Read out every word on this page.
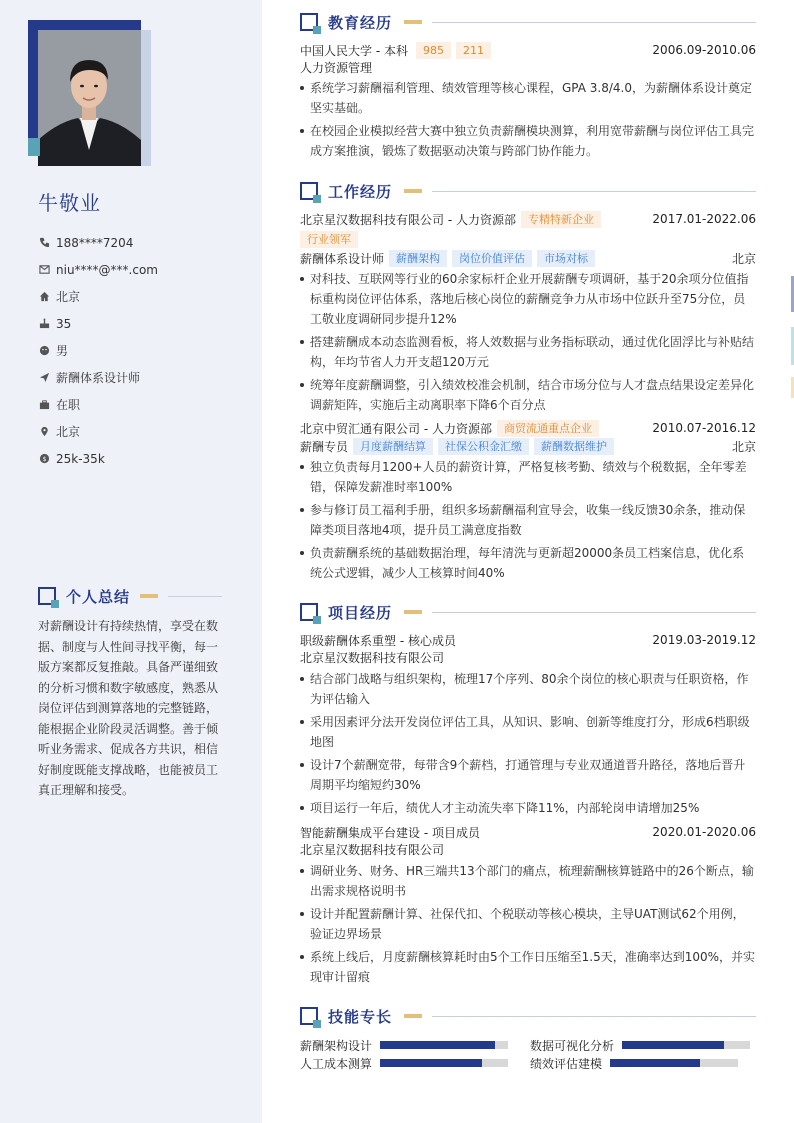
牛敬业
188****7204
niu****@***.com
北京
35
男
薪酬体系设计师
在职
北京
$ 25k-35k
个人总结
对薪酬设计有持续热情，享受在数据、制度与人性间寻找平衡，每一版方案都反复推敲。具备严谨细致的分析习惯和数字敏感度，熟悉从岗位评估到测算落地的完整链路，能根据企业阶段灵活调整。善于倾听业务需求、促成各方共识，相信好制度既能支撑战略，也能被员工真正理解和接受。
教育经历
中国人民大学 - 本科	985	211	2006.09-2010.06
人力资源管理
系统学习薪酬福利管理、绩效管理等核心课程，GPA 3.8/4.0，为薪酬体系设计奠定坚实基础。
在校园企业模拟经营大赛中独立负责薪酬模块测算，利用宽带薪酬与岗位评估工具完成方案推演，锻炼了数据驱动决策与跨部门协作能力。
工作经历
北京星汉数据科技有限公司 - 人力资源部	专精特新企业	2017.01-2022.06
行业领军
薪酬体系设计师	薪酬架构	岗位价值评估	市场对标	北京
对科技、互联网等行业的60余家标杆企业开展薪酬专项调研，基于20余项分位值指标重构岗位评估体系，落地后核心岗位的薪酬竞争力从市场中位跃升至75分位，员工敬业度调研同步提升12%
搭建薪酬成本动态监测看板，将人效数据与业务指标联动，通过优化固浮比与补贴结构，年均节省人力开支超120万元
统筹年度薪酬调整，引入绩效校准会机制，结合市场分位与人才盘点结果设定差异化调薪矩阵，实施后主动离职率下降6个百分点
北京中贸汇通有限公司 - 人力资源部	商贸流通重点企业	2010.07-2016.12
薪酬专员	月度薪酬结算	社保公积金汇缴	薪酬数据维护	北京
独立负责每月1200+人员的薪资计算，严格复核考勤、绩效与个税数据，全年零差错，保障发薪准时率100%
参与修订员工福利手册，组织多场薪酬福利宣导会，收集一线反馈30余条，推动保障类项目落地4项，提升员工满意度指数
负责薪酬系统的基础数据治理，每年清洗与更新超20000条员工档案信息，优化系统公式逻辑，减少人工核算时间40%
项目经历
职级薪酬体系重塑 - 核心成员	2019.03-2019.12
北京星汉数据科技有限公司
结合部门战略与组织架构，梳理17个序列、80余个岗位的核心职责与任职资格，作为评估输入
采用因素评分法开发岗位评估工具，从知识、影响、创新等维度打分，形成6档职级地图
设计7个薪酬宽带，每带含9个薪档，打通管理与专业双通道晋升路径，落地后晋升周期平均缩短约30%
项目运行一年后，绩优人才主动流失率下降11%，内部轮岗申请增加25%
智能薪酬集成平台建设 - 项目成员	2020.01-2020.06
北京星汉数据科技有限公司
调研业务、财务、HR三端共13个部门的痛点，梳理薪酬核算链路中的26个断点，输出需求规格说明书
设计并配置薪酬计算、社保代扣、个税联动等核心模块，主导UAT测试62个用例，验证边界场景
系统上线后，月度薪酬核算耗时由5个工作日压缩至1.5天，准确率达到100%，并实现审计留痕
技能专长
薪酬架构设计	数据可视化分析
人工成本测算	绩效评估建模
